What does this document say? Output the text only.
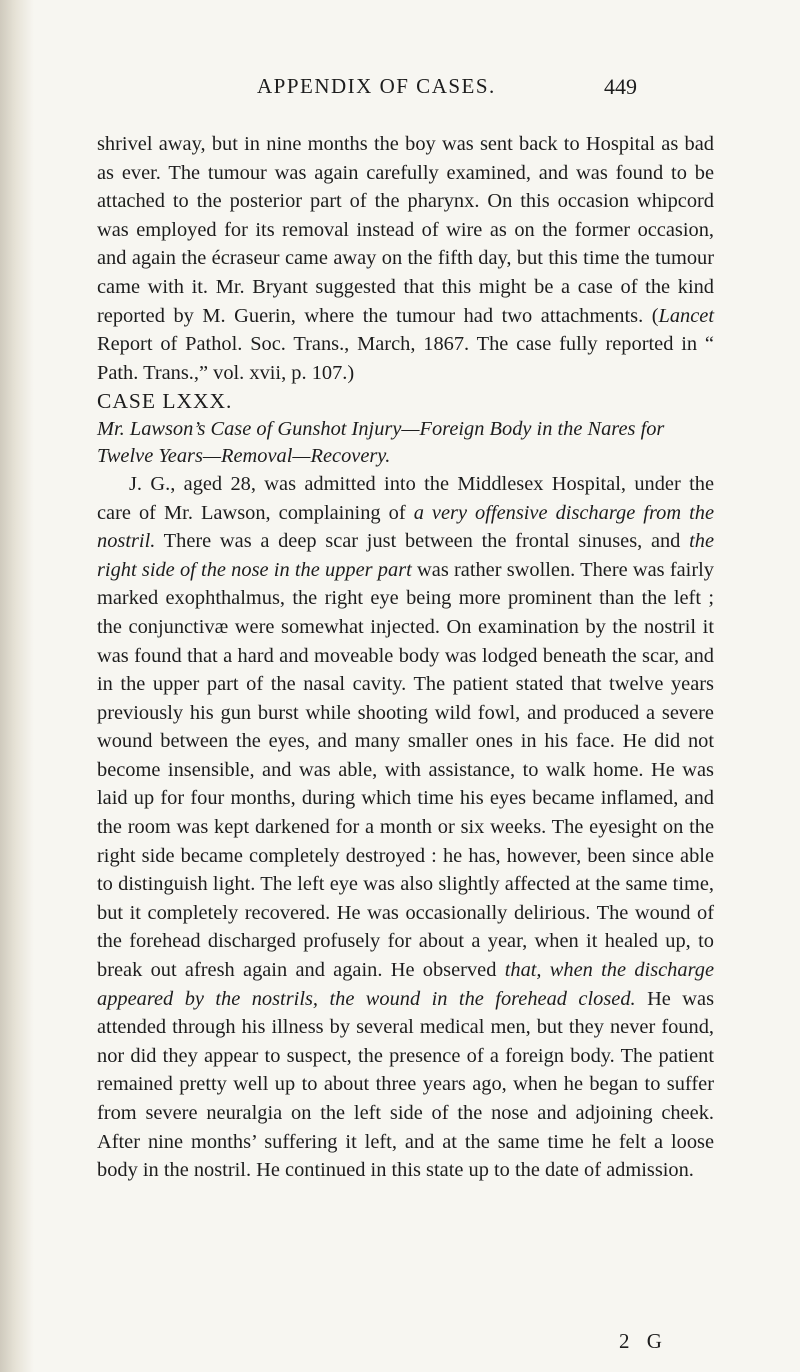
APPENDIX OF CASES.	449

shrivel away, but in nine months the boy was sent back to Hospital as bad as ever. The tumour was again carefully examined, and was found to be attached to the posterior part of the pharynx. On this occasion whipcord was employed for its removal instead of wire as on the former occasion, and again the écraseur came away on the fifth day, but this time the tumour came with it. Mr. Bryant suggested that this might be a case of the kind reported by M. Guerin, where the tumour had two attachments. (Lancet Report of Pathol. Soc. Trans., March, 1867. The case fully reported in “ Path. Trans.,” vol. xvii, p. 107.)

CASE LXXX.

Mr. Lawson’s Case of Gunshot Injury—Foreign Body in the Nares for
Twelve Years—Removal—Recovery.

J. G., aged 28, was admitted into the Middlesex Hospital, under the care of Mr. Lawson, complaining of a very offensive discharge from the nostril. There was a deep scar just between the frontal sinuses, and the right side of the nose in the upper part was rather swollen. There was fairly marked exophthalmus, the right eye being more prominent than the left ; the conjunctivæ were somewhat injected. On examination by the nostril it was found that a hard and moveable body was lodged beneath the scar, and in the upper part of the nasal cavity. The patient stated that twelve years previously his gun burst while shooting wild fowl, and produced a severe wound between the eyes, and many smaller ones in his face. He did not become insensible, and was able, with assistance, to walk home. He was laid up for four months, during which time his eyes became inflamed, and the room was kept darkened for a month or six weeks. The eyesight on the right side became completely destroyed : he has, however, been since able to distinguish light. The left eye was also slightly affected at the same time, but it completely recovered. He was occasionally delirious. The wound of the forehead discharged profusely for about a year, when it healed up, to break out afresh again and again. He observed that, when the discharge appeared by the nostrils, the wound in the forehead closed. He was attended through his illness by several medical men, but they never found, nor did they appear to suspect, the presence of a foreign body. The patient remained pretty well up to about three years ago, when he began to suffer from severe neuralgia on the left side of the nose and adjoining cheek. After nine months’ suffering it left, and at the same time he felt a loose body in the nostril. He continued in this state up to the date of admission.

2 G
